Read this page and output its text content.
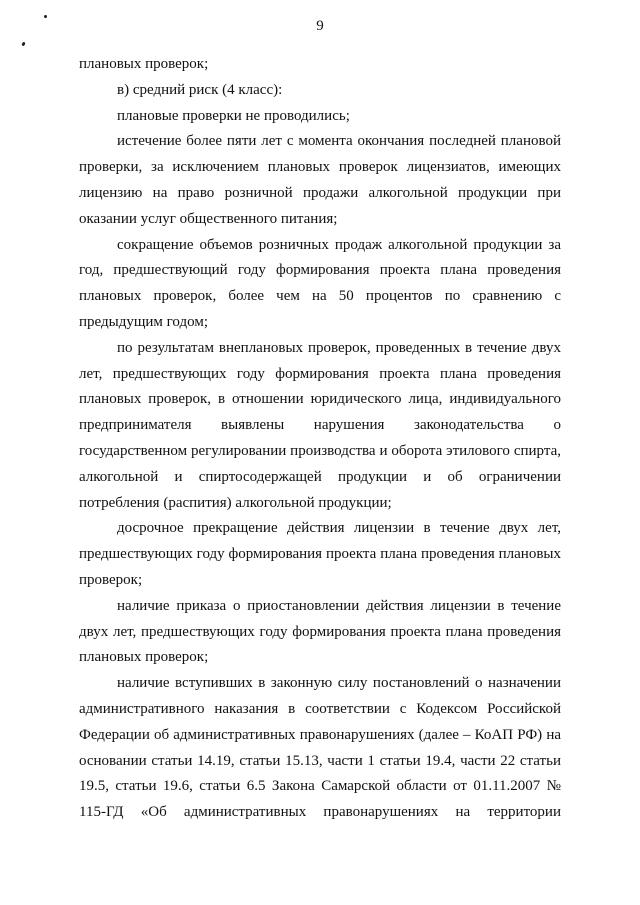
9

плановых проверок;

в) средний риск (4 класс):

плановые проверки не проводились;

истечение более пяти лет с момента окончания последней плановой проверки, за исключением плановых проверок лицензиатов, имеющих лицензию на право розничной продажи алкогольной продукции при оказании услуг общественного питания;

сокращение объемов розничных продаж алкогольной продукции за год, предшествующий году формирования проекта плана проведения плановых проверок, более чем на 50 процентов по сравнению с предыдущим годом;

по результатам внеплановых проверок, проведенных в течение двух лет, предшествующих году формирования проекта плана проведения плановых проверок, в отношении юридического лица, индивидуального предпринимателя выявлены нарушения законодательства о государственном регулировании производства и оборота этилового спирта, алкогольной и спиртосодержащей продукции и об ограничении потребления (распития) алкогольной продукции;

досрочное прекращение действия лицензии в течение двух лет, предшествующих году формирования проекта плана проведения плановых проверок;

наличие приказа о приостановлении действия лицензии в течение двух лет, предшествующих году формирования проекта плана проведения плановых проверок;

наличие вступивших в законную силу постановлений о назначении административного наказания в соответствии с Кодексом Российской Федерации об административных правонарушениях (далее – КоАП РФ) на основании статьи 14.19, статьи 15.13, части 1 статьи 19.4, части 22 статьи 19.5, статьи 19.6, статьи 6.5 Закона Самарской области от 01.11.2007 № 115-ГД «Об административных правонарушениях на территории
